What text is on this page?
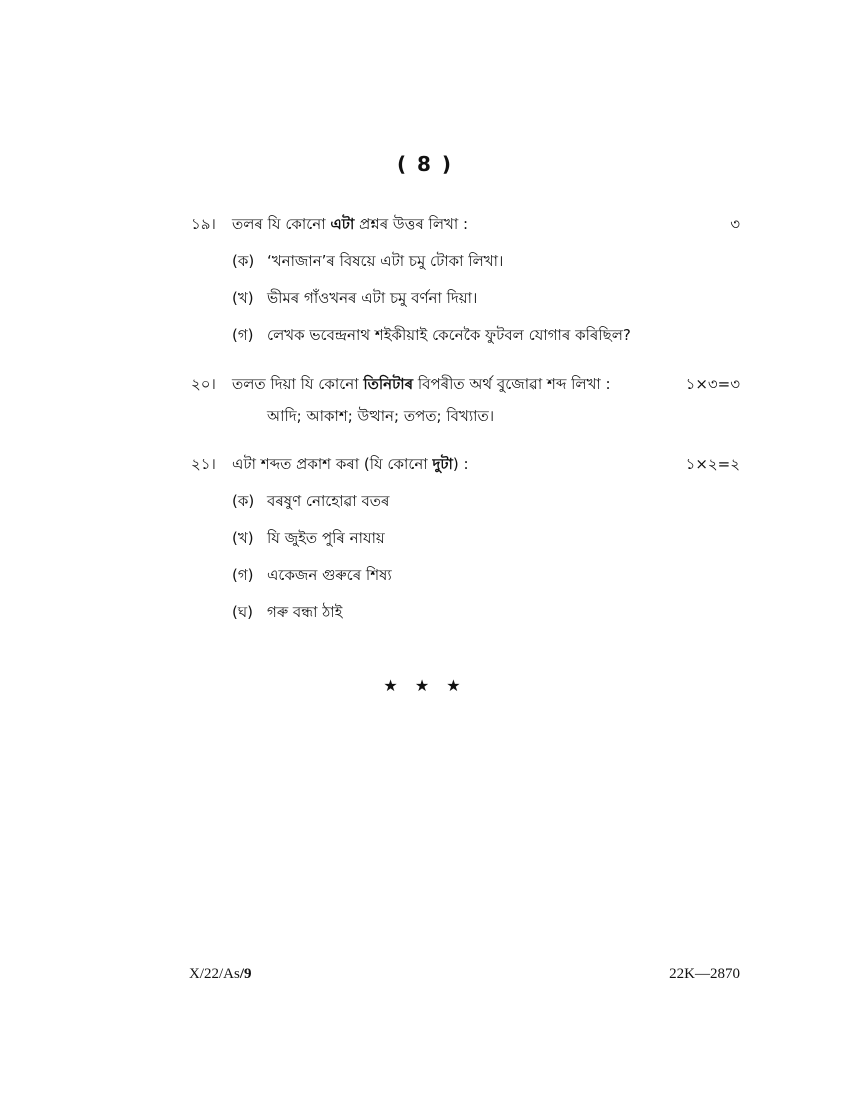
( 8 )
১৯। তলৰ যি কোনো এটা প্ৰশ্নৰ উত্তৰ লিখা :	৩
(ক) ‘খনাজান’ৰ বিষয়ে এটা চমু টোকা লিখা।
(খ) ভীমৰ গাঁওখনৰ এটা চমু বৰ্ণনা দিয়া।
(গ) লেখক ভবেন্দ্ৰনাথ শইকীয়াই কেনেকৈ ফুটবল যোগাৰ কৰিছিল?
২০। তলত দিয়া যি কোনো তিনিটাৰ বিপৰীত অৰ্থ বুজোৱা শব্দ লিখা :	১×৩=৩
আদি; আকাশ; উত্থান; তপত; বিখ্যাত।
২১। এটা শব্দত প্ৰকাশ কৰা (যি কোনো দুটা) :	১×২=২
(ক) বৰষুণ নোহোৱা বতৰ
(খ) যি জুইত পুৰি নাযায়
(গ) একেজন গুৰুৰে শিষ্য
(ঘ) গৰু বন্ধা ঠাই
★ ★ ★
X/22/As/9	22K—2870
